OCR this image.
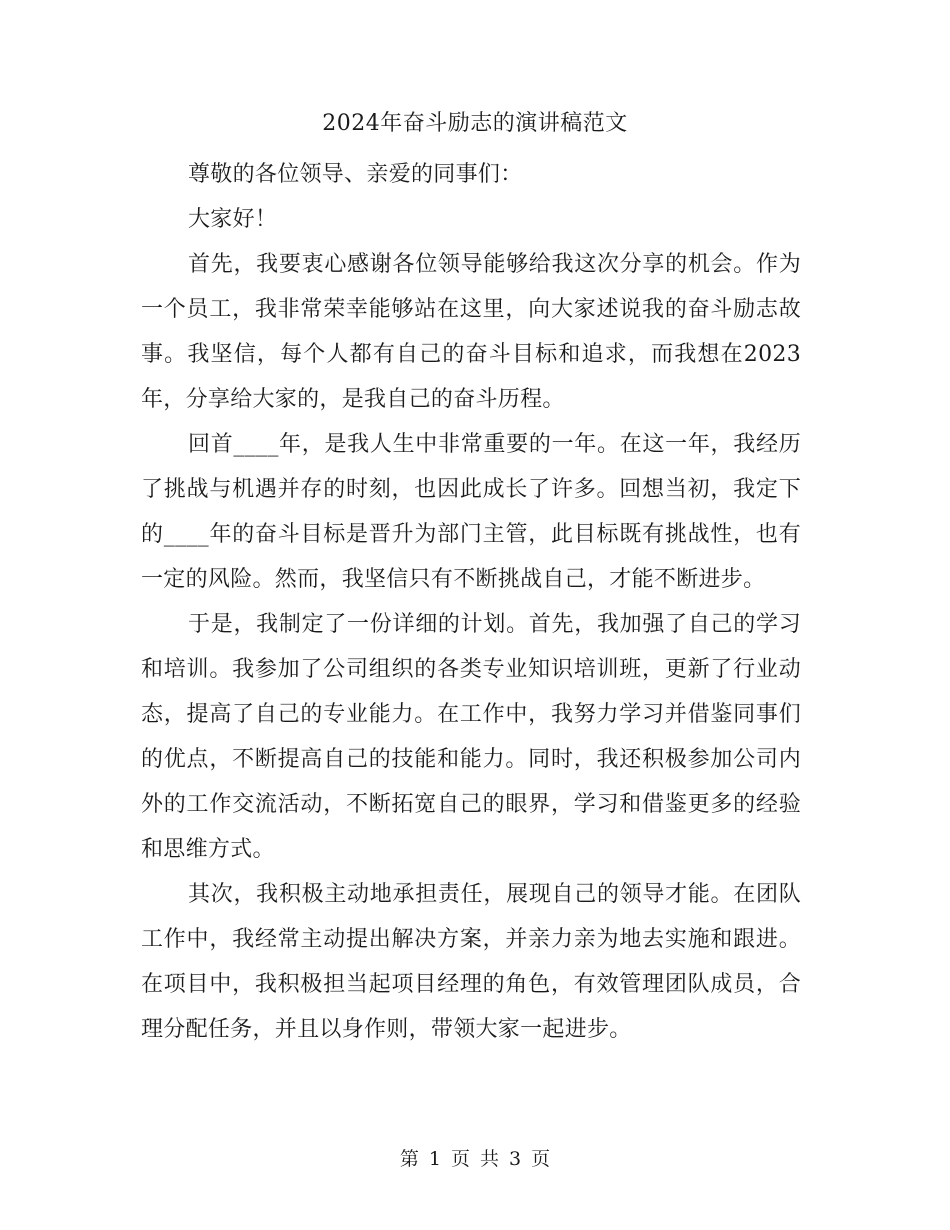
2024年奋斗励志的演讲稿范文

尊敬的各位领导、亲爱的同事们：

大家好！

首先，我要衷心感谢各位领导能够给我这次分享的机会。作为一个员工，我非常荣幸能够站在这里，向大家述说我的奋斗励志故事。我坚信，每个人都有自己的奋斗目标和追求，而我想在2023年，分享给大家的，是我自己的奋斗历程。

回首____年，是我人生中非常重要的一年。在这一年，我经历了挑战与机遇并存的时刻，也因此成长了许多。回想当初，我定下的____年的奋斗目标是晋升为部门主管，此目标既有挑战性，也有一定的风险。然而，我坚信只有不断挑战自己，才能不断进步。

于是，我制定了一份详细的计划。首先，我加强了自己的学习和培训。我参加了公司组织的各类专业知识培训班，更新了行业动态，提高了自己的专业能力。在工作中，我努力学习并借鉴同事们的优点，不断提高自己的技能和能力。同时，我还积极参加公司内外的工作交流活动，不断拓宽自己的眼界，学习和借鉴更多的经验和思维方式。

其次，我积极主动地承担责任，展现自己的领导才能。在团队工作中，我经常主动提出解决方案，并亲力亲为地去实施和跟进。在项目中，我积极担当起项目经理的角色，有效管理团队成员，合理分配任务，并且以身作则，带领大家一起进步。

第 1 页 共 3 页
